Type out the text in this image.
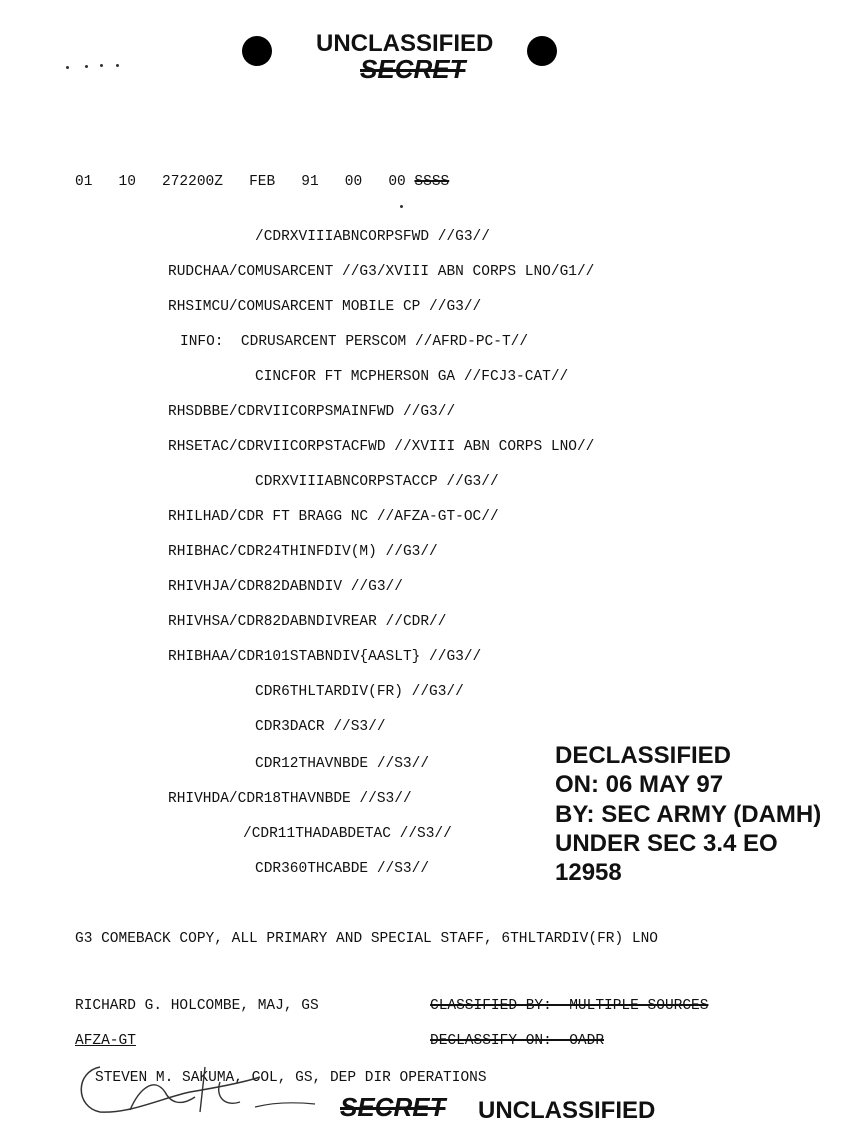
UNCLASSIFIED
SECRET

01 10 272200Z FEB 91 00 00 SSSS
/CDRXVIIIABNCORPSFWD //G3//
RUDCHAA/COMUSARCENT //G3/XVIII ABN CORPS LNO/G1//
RHSIMCU/COMUSARCENT MOBILE CP //G3//
INFO:  CDRUSARCENT PERSCOM //AFRD-PC-T//
CINCFOR FT MCPHERSON GA //FCJ3-CAT//
RHSDBBE/CDRVIICORPSMAINFWD //G3//
RHSETAC/CDRVIICORPSTACFWD //XVIII ABN CORPS LNO//
CDRXVIIIABNCORPSTACCP //G3//
RHILHAD/CDR FT BRAGG NC //AFZA-GT-OC//
RHIBHAC/CDR24THINFDIV(M) //G3//
RHIVHJA/CDR82DABNDIV //G3//
RHIVHSA/CDR82DABNDIVREAR //CDR//
RHIBHAA/CDR101STABNDIV{AASLT} //G3//
CDR6THLTARDIV(FR) //G3//
CDR3DACR //S3//
CDR12THAVNBDE //S3//
RHIVHDA/CDR18THAVNBDE //S3//
/CDR11THADABDETAC //S3//
CDR360THCABDE //S3//
DECLASSIFIED
ON: 06 MAY 97
BY: SEC ARMY (DAMH)
UNDER SEC 3.4 EO
12958
G3 COMEBACK COPY, ALL PRIMARY AND SPECIAL STAFF, 6THLTARDIV(FR) LNO
RICHARD G. HOLCOMBE, MAJ, GS	CLASSIFIED BY:  MULTIPLE SOURCES
AFZA-GT	DECLASSIFY ON:  OADR
STEVEN M. SAKUMA, COL, GS, DEP DIR OPERATIONS
SECRET UNCLASSIFIED
